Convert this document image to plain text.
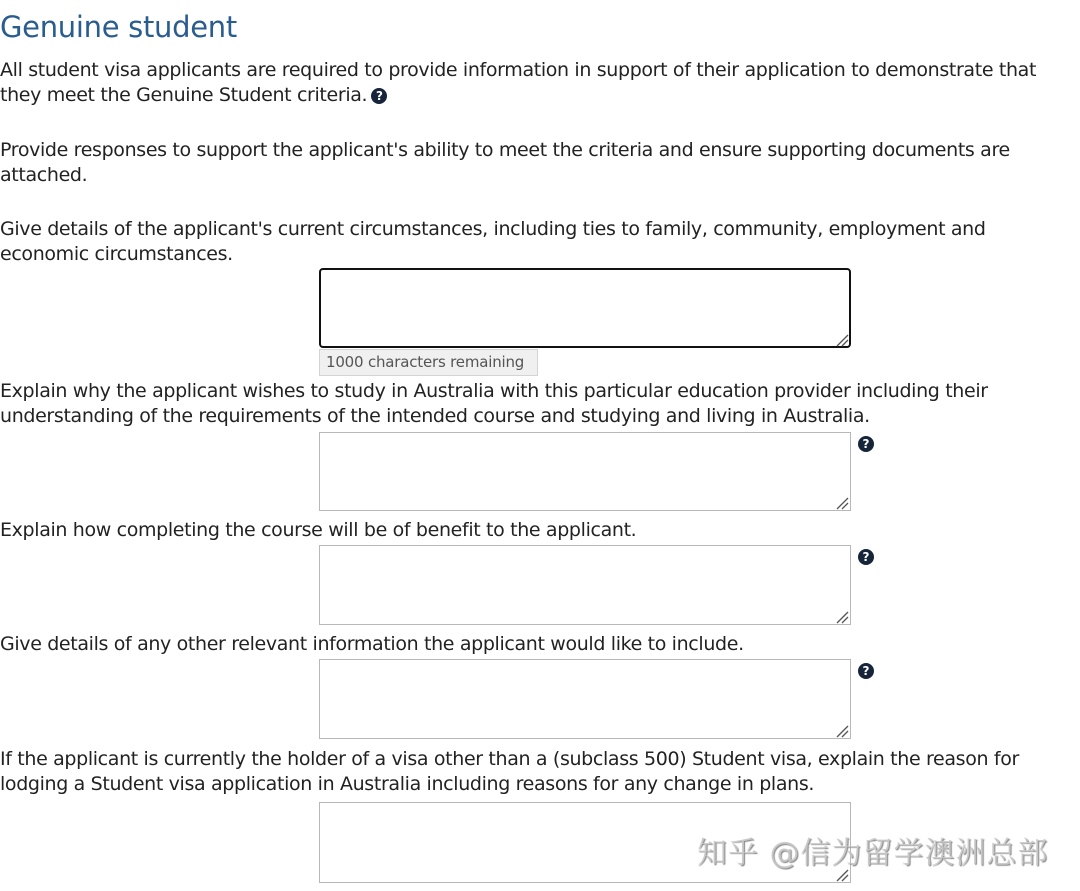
Genuine student

All student visa applicants are required to provide information in support of their application to demonstrate that they meet the Genuine Student criteria. ?

Provide responses to support the applicant's ability to meet the criteria and ensure supporting documents are attached.

Give details of the applicant's current circumstances, including ties to family, community, employment and economic circumstances.

1000 characters remaining

Explain why the applicant wishes to study in Australia with this particular education provider including their understanding of the requirements of the intended course and studying and living in Australia.

?

Explain how completing the course will be of benefit to the applicant.

?

Give details of any other relevant information the applicant would like to include.

?

If the applicant is currently the holder of a visa other than a (subclass 500) Student visa, explain the reason for lodging a Student visa application in Australia including reasons for any change in plans.

知乎 @信为留学澳洲总部
